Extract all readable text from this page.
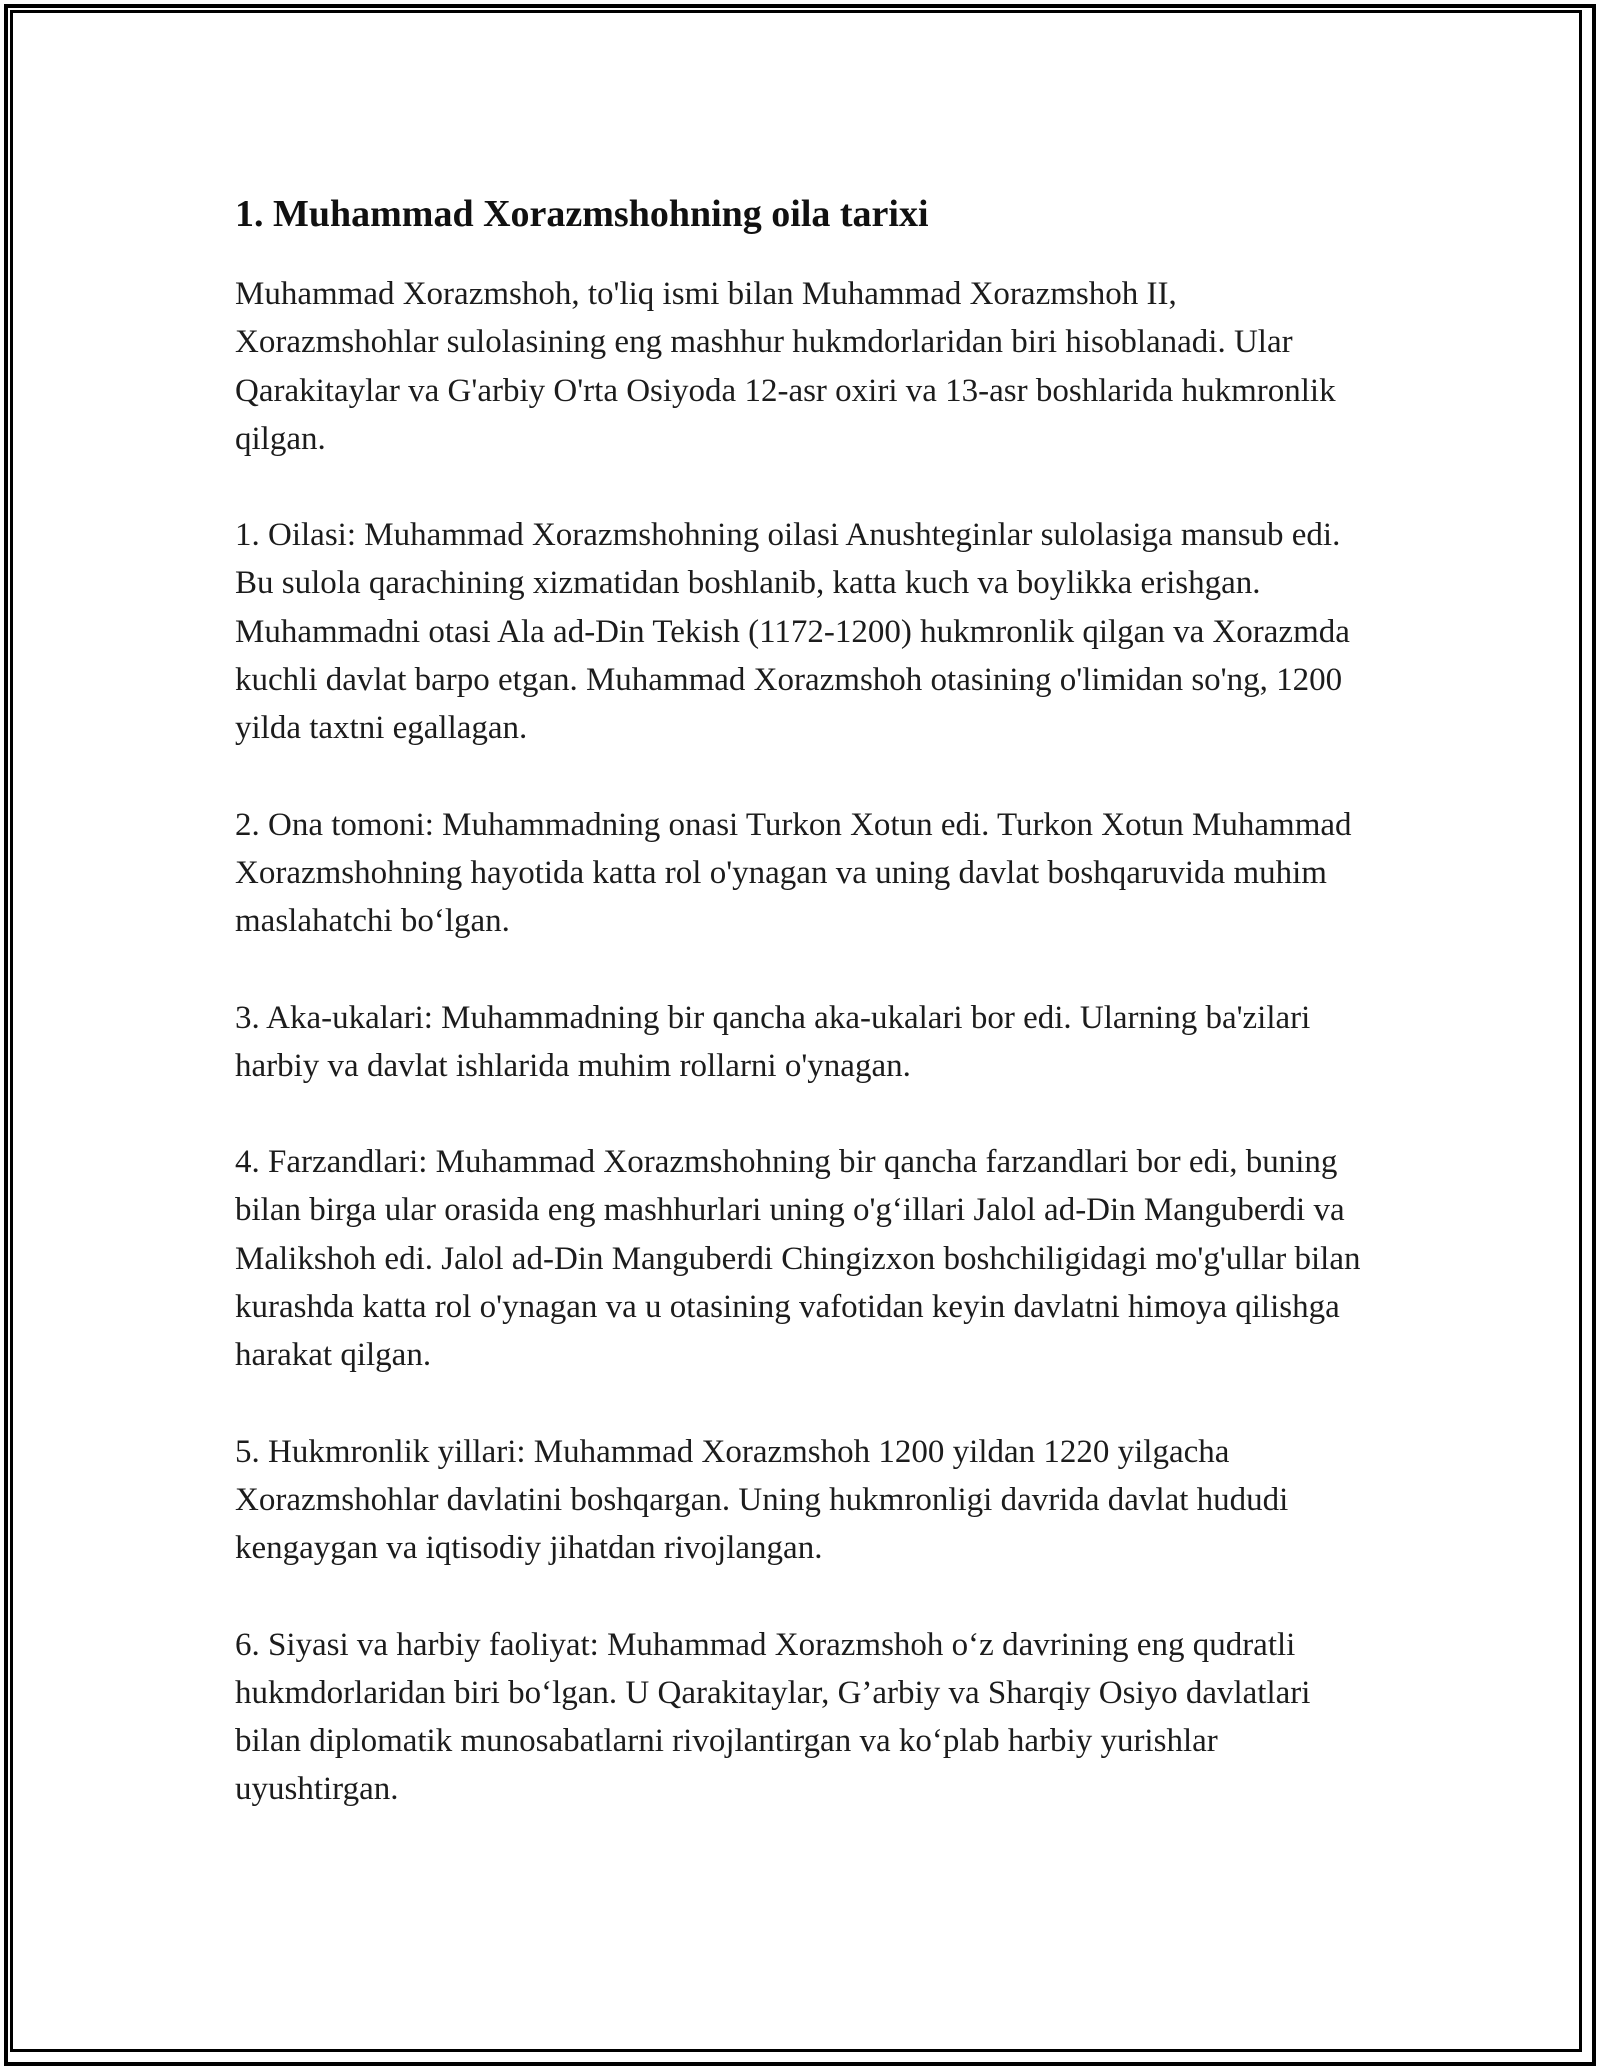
1. Muhammad Xorazmshohning oila tarixi

Muhammad Xorazmshoh, to'liq ismi bilan Muhammad Xorazmshoh II, Xorazmshohlar sulolasining eng mashhur hukmdorlaridan biri hisoblanadi. Ular Qarakitaylar va G'arbiy O'rta Osiyoda 12-asr oxiri va 13-asr boshlarida hukmronlik qilgan.

1. Oilasi: Muhammad Xorazmshohning oilasi Anushteginlar sulolasiga mansub edi. Bu sulola qarachining xizmatidan boshlanib, katta kuch va boylikka erishgan. Muhammadni otasi Ala ad-Din Tekish (1172-1200) hukmronlik qilgan va Xorazmda kuchli davlat barpo etgan. Muhammad Xorazmshoh otasining o'limidan so'ng, 1200 yilda taxtni egallagan.

2. Ona tomoni: Muhammadning onasi Turkon Xotun edi. Turkon Xotun Muhammad Xorazmshohning hayotida katta rol o'ynagan va uning davlat boshqaruvida muhim maslahatchi boʻlgan.

3. Aka-ukalari: Muhammadning bir qancha aka-ukalari bor edi. Ularning ba'zilari harbiy va davlat ishlarida muhim rollarni o'ynagan.

4. Farzandlari: Muhammad Xorazmshohning bir qancha farzandlari bor edi, buning bilan birga ular orasida eng mashhurlari uning o'gʻillari Jalol ad-Din Manguberdi va Malikshoh edi. Jalol ad-Din Manguberdi Chingizxon boshchiligidagi mo'g'ullar bilan kurashda katta rol o'ynagan va u otasining vafotidan keyin davlatni himoya qilishga harakat qilgan.

5. Hukmronlik yillari: Muhammad Xorazmshoh 1200 yildan 1220 yilgacha Xorazmshohlar davlatini boshqargan. Uning hukmronligi davrida davlat hududi kengaygan va iqtisodiy jihatdan rivojlangan.

6. Siyasi va harbiy faoliyat: Muhammad Xorazmshoh oʻz davrining eng qudratli hukmdorlaridan biri boʻlgan. U Qarakitaylar, G’arbiy va Sharqiy Osiyo davlatlari bilan diplomatik munosabatlarni rivojlantirgan va koʻplab harbiy yurishlar uyushtirgan.
